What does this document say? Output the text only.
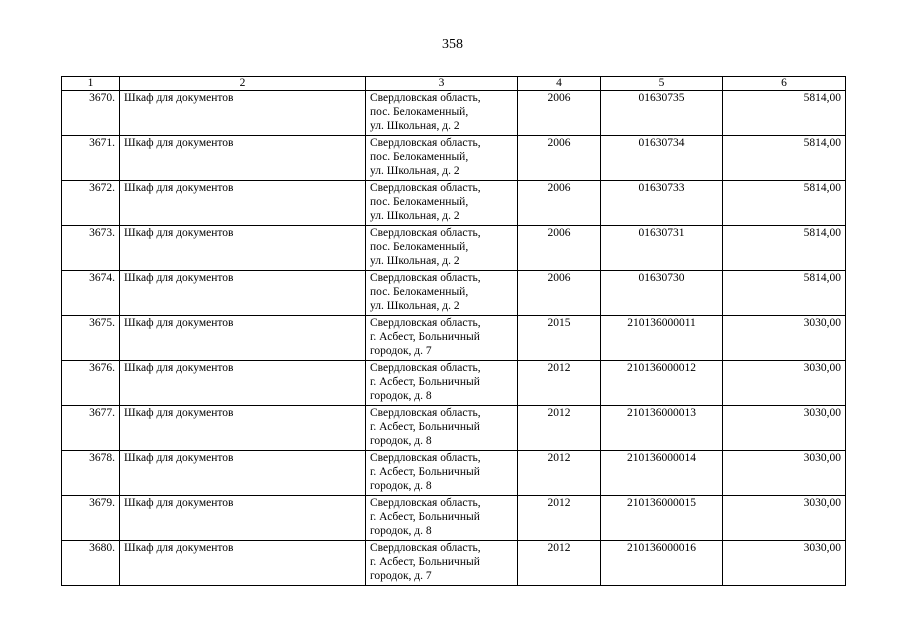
358
1	2	3	4	5	6
3670.	Шкаф для документов	Свердловская область,
пос. Белокаменный,
ул. Школьная, д. 2	2006	01630735	5814,00
3671.	Шкаф для документов	Свердловская область,
пос. Белокаменный,
ул. Школьная, д. 2	2006	01630734	5814,00
3672.	Шкаф для документов	Свердловская область,
пос. Белокаменный,
ул. Школьная, д. 2	2006	01630733	5814,00
3673.	Шкаф для документов	Свердловская область,
пос. Белокаменный,
ул. Школьная, д. 2	2006	01630731	5814,00
3674.	Шкаф для документов	Свердловская область,
пос. Белокаменный,
ул. Школьная, д. 2	2006	01630730	5814,00
3675.	Шкаф для документов	Свердловская область,
г. Асбест, Больничный
городок, д. 7	2015	210136000011	3030,00
3676.	Шкаф для документов	Свердловская область,
г. Асбест, Больничный
городок, д. 8	2012	210136000012	3030,00
3677.	Шкаф для документов	Свердловская область,
г. Асбест, Больничный
городок, д. 8	2012	210136000013	3030,00
3678.	Шкаф для документов	Свердловская область,
г. Асбест, Больничный
городок, д. 8	2012	210136000014	3030,00
3679.	Шкаф для документов	Свердловская область,
г. Асбест, Больничный
городок, д. 8	2012	210136000015	3030,00
3680.	Шкаф для документов	Свердловская область,
г. Асбест, Больничный
городок, д. 7	2012	210136000016	3030,00
